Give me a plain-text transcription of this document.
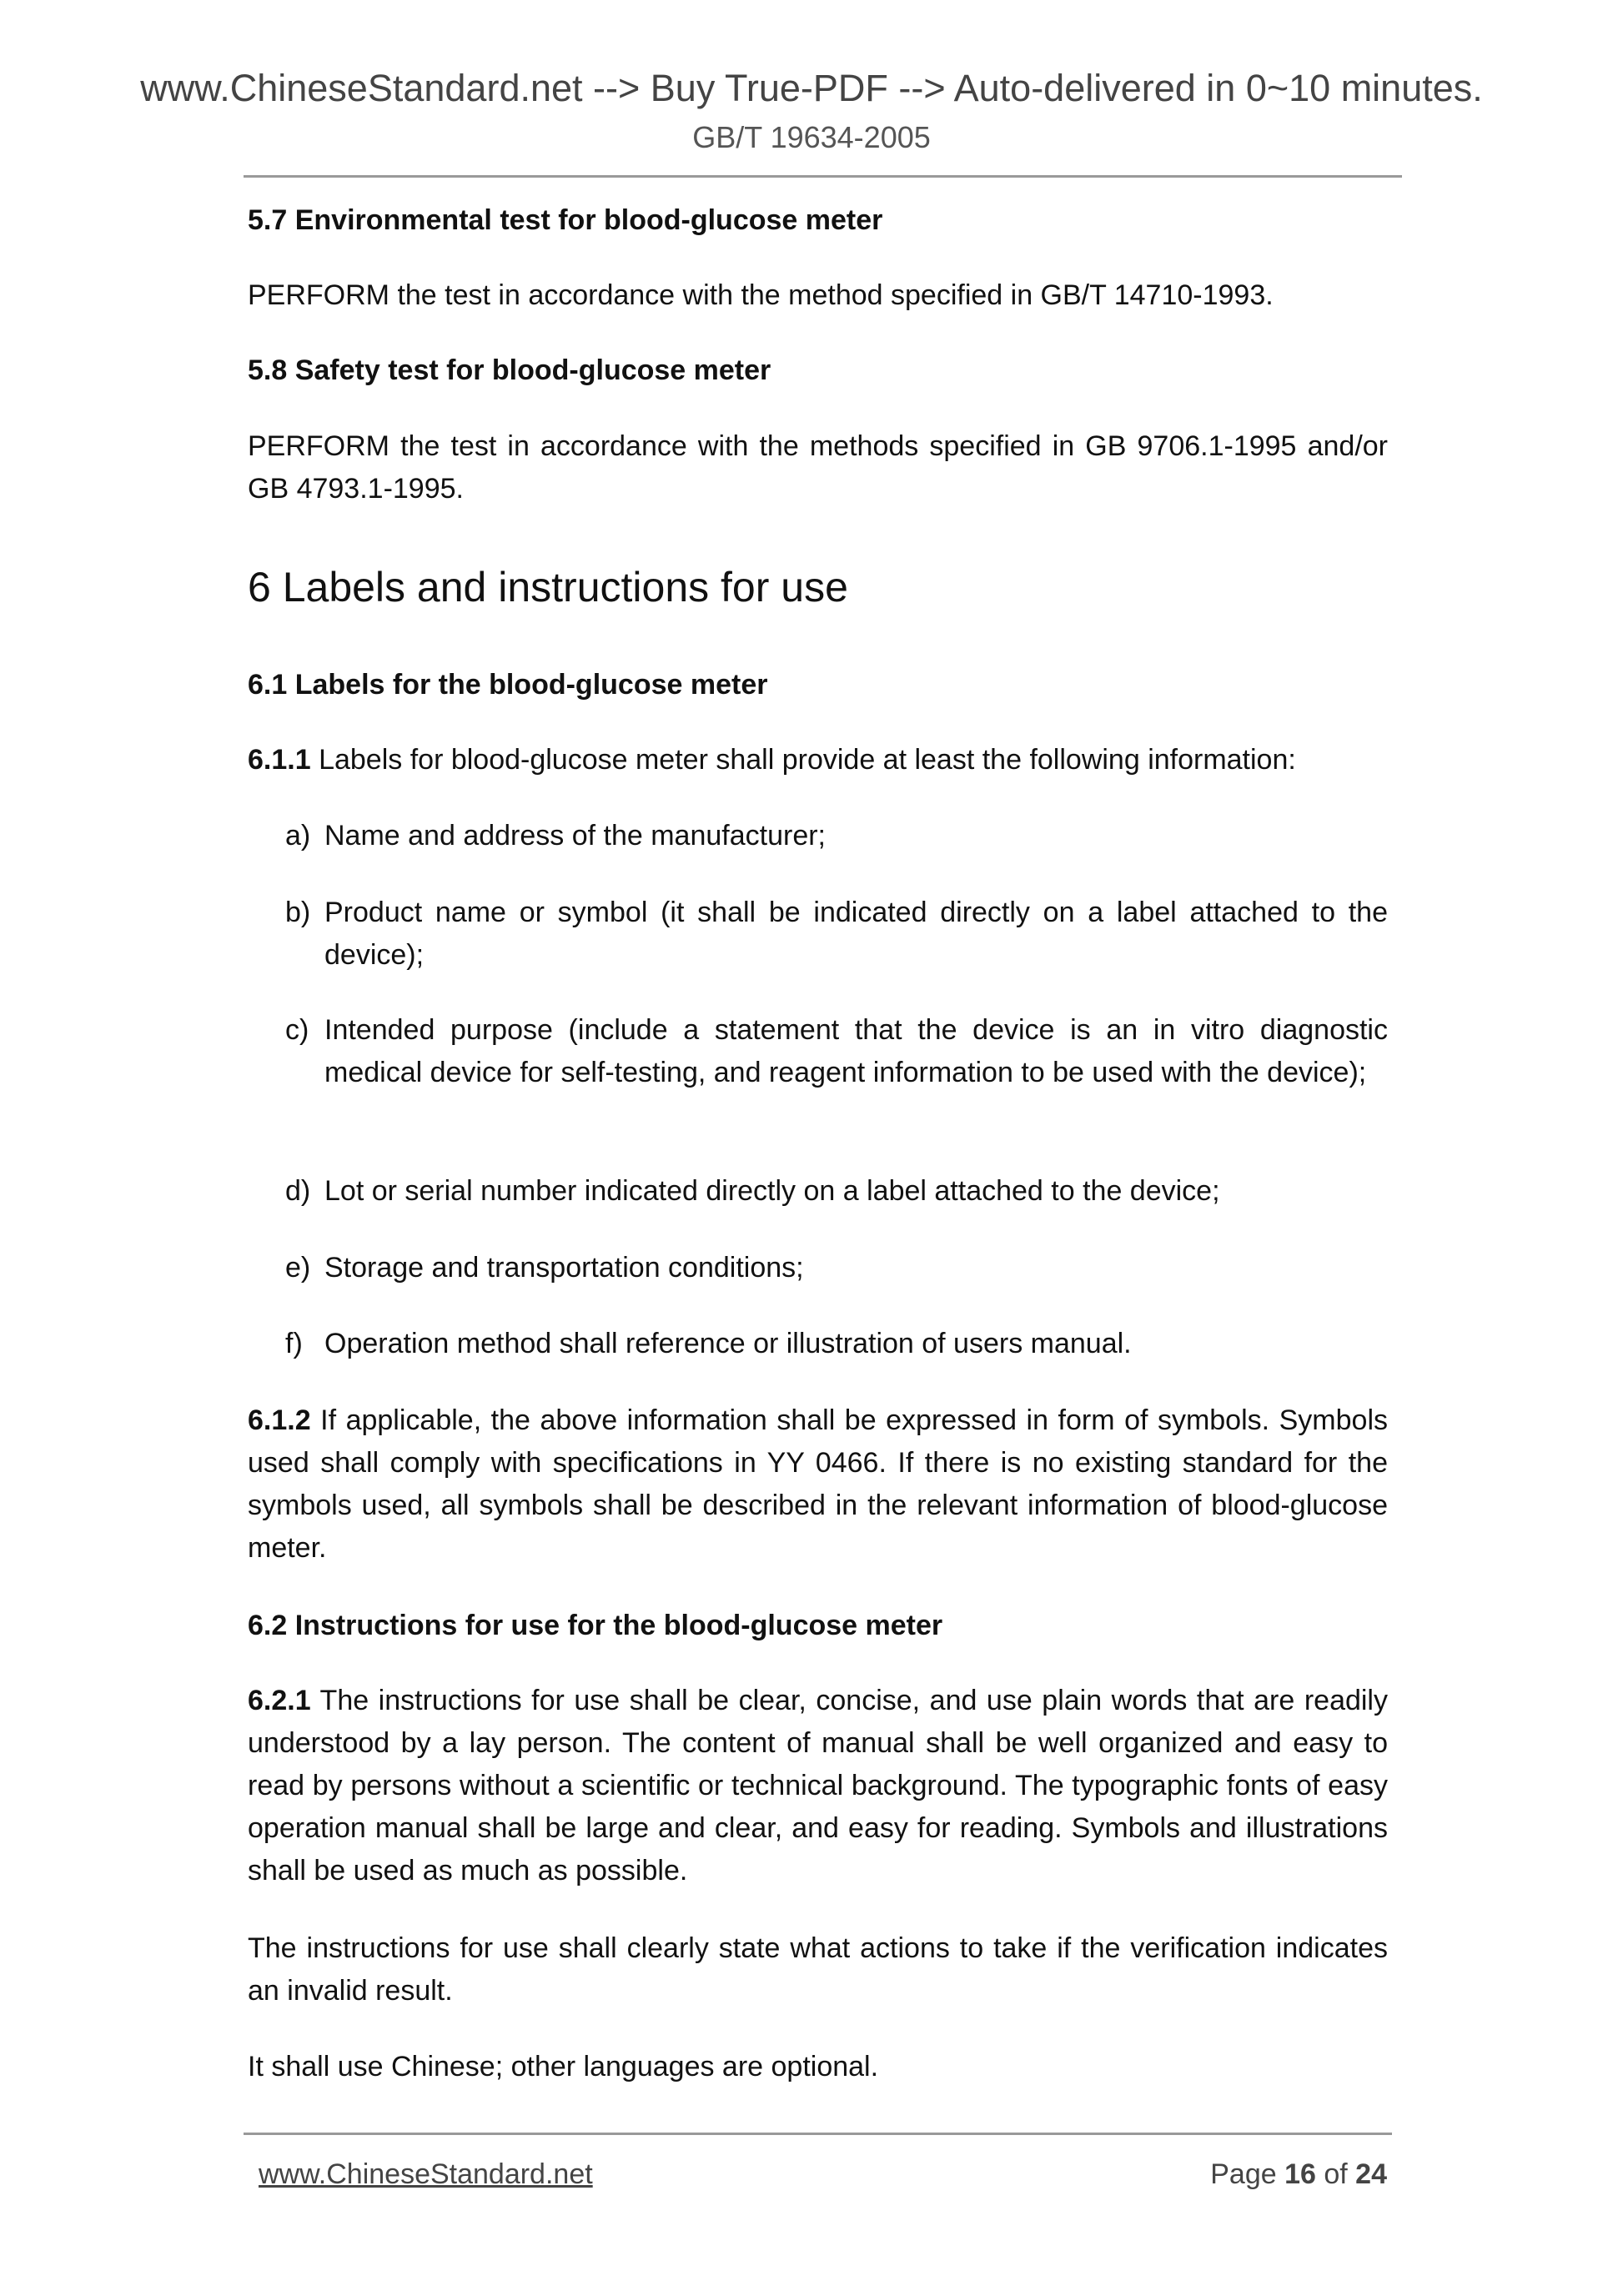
www.ChineseStandard.net --> Buy True-PDF --> Auto-delivered in 0~10 minutes.
GB/T 19634-2005
5.7 Environmental test for blood-glucose meter
PERFORM the test in accordance with the method specified in GB/T 14710-1993.
5.8 Safety test for blood-glucose meter
PERFORM the test in accordance with the methods specified in GB 9706.1-1995 and/or GB 4793.1-1995.
6 Labels and instructions for use
6.1 Labels for the blood-glucose meter
6.1.1 Labels for blood-glucose meter shall provide at least the following information:
a) Name and address of the manufacturer;
b) Product name or symbol (it shall be indicated directly on a label attached to the device);
c) Intended purpose (include a statement that the device is an in vitro diagnostic medical device for self-testing, and reagent information to be used with the device);
d) Lot or serial number indicated directly on a label attached to the device;
e) Storage and transportation conditions;
f) Operation method shall reference or illustration of users manual.
6.1.2 If applicable, the above information shall be expressed in form of symbols. Symbols used shall comply with specifications in YY 0466. If there is no existing standard for the symbols used, all symbols shall be described in the relevant information of blood-glucose meter.
6.2 Instructions for use for the blood-glucose meter
6.2.1 The instructions for use shall be clear, concise, and use plain words that are readily understood by a lay person. The content of manual shall be well organized and easy to read by persons without a scientific or technical background. The typographic fonts of easy operation manual shall be large and clear, and easy for reading. Symbols and illustrations shall be used as much as possible.
The instructions for use shall clearly state what actions to take if the verification indicates an invalid result.
It shall use Chinese; other languages are optional.
www.ChineseStandard.net	Page 16 of 24
